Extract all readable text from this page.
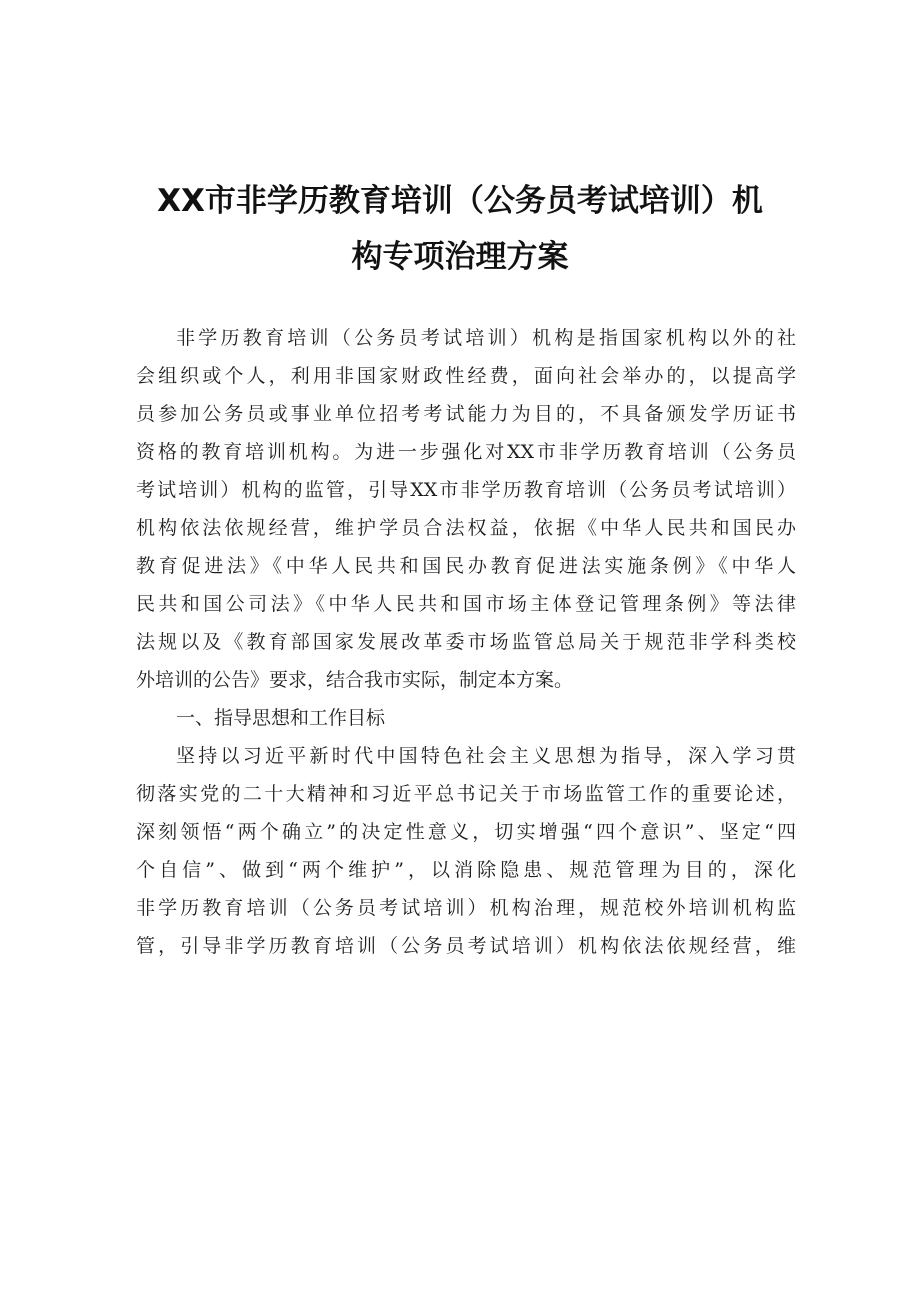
XX市非学历教育培训（公务员考试培训）机
构专项治理方案
非学历教育培训（公务员考试培训）机构是指国家机构以外的社
会组织或个人，利用非国家财政性经费，面向社会举办的，以提高学
员参加公务员或事业单位招考考试能力为目的，不具备颁发学历证书
资格的教育培训机构。为进一步强化对XX市非学历教育培训（公务员
考试培训）机构的监管，引导XX市非学历教育培训（公务员考试培训）
机构依法依规经营，维护学员合法权益，依据《中华人民共和国民办
教育促进法》《中华人民共和国民办教育促进法实施条例》《中华人
民共和国公司法》《中华人民共和国市场主体登记管理条例》等法律
法规以及《教育部国家发展改革委市场监管总局关于规范非学科类校
外培训的公告》要求，结合我市实际，制定本方案。
一、指导思想和工作目标
坚持以习近平新时代中国特色社会主义思想为指导，深入学习贯
彻落实党的二十大精神和习近平总书记关于市场监管工作的重要论述，
深刻领悟“两个确立”的决定性意义，切实增强“四个意识”、坚定“四
个自信”、做到“两个维护”，以消除隐患、规范管理为目的，深化
非学历教育培训（公务员考试培训）机构治理，规范校外培训机构监
管，引导非学历教育培训（公务员考试培训）机构依法依规经营，维
